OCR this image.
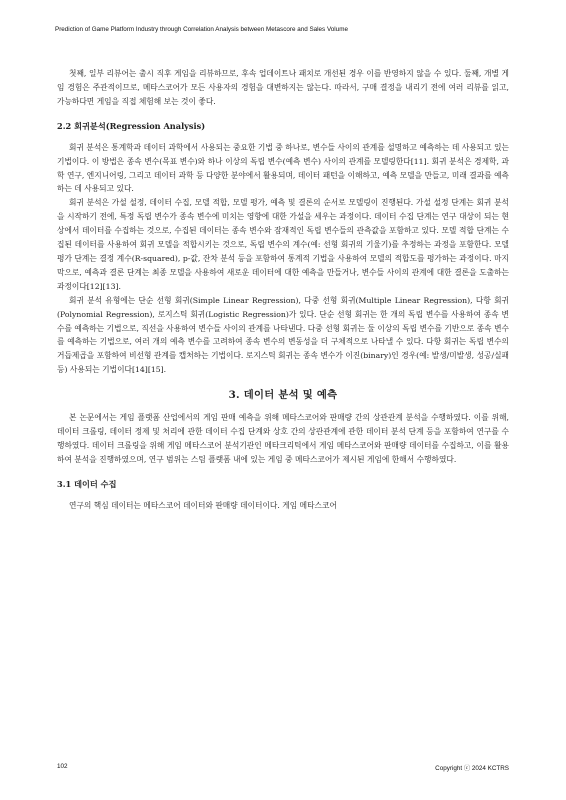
Prediction of Game Platform Industry through Correlation Analysis between Metascore and Sales Volume

첫째, 일부 리뷰어는 출시 직후 게임을 리뷰하므로, 후속 업데이트나 패치로 개선된 경우 이를 반영하지 않을 수 있다. 둘째, 개별 게임 경험은 주관적이므로, 메타스코어가 모든 사용자의 경험을 대변하지는 않는다. 따라서, 구매 결정을 내리기 전에 여러 리뷰를 읽고, 가능하다면 게임을 직접 체험해 보는 것이 좋다.

2.2 회귀분석(Regression Analysis)

회귀 분석은 통계학과 데이터 과학에서 사용되는 중요한 기법 중 하나로, 변수들 사이의 관계를 설명하고 예측하는 데 사용되고 있는 기법이다. 이 방법은 종속 변수(목표 변수)와 하나 이상의 독립 변수(예측 변수) 사이의 관계를 모델링한다[11]. 회귀 분석은 경제학, 과학 연구, 엔지니어링, 그리고 데이터 과학 등 다양한 분야에서 활용되며, 데이터 패턴을 이해하고, 예측 모델을 만들고, 미래 결과를 예측하는 데 사용되고 있다.

회귀 분석은 가설 설정, 데이터 수집, 모델 적합, 모델 평가, 예측 및 결론의 순서로 모델링이 진행된다. 가설 설정 단계는 회귀 분석을 시작하기 전에, 특정 독립 변수가 종속 변수에 미치는 영향에 대한 가설을 세우는 과정이다. 데이터 수집 단계는 연구 대상이 되는 현상에서 데이터를 수집하는 것으로, 수집된 데이터는 종속 변수와 잠재적인 독립 변수들의 관측값을 포함하고 있다. 모델 적합 단계는 수집된 데이터를 사용하여 회귀 모델을 적합시키는 것으로, 독립 변수의 계수(예: 선형 회귀의 기울기)를 추정하는 과정을 포함한다. 모델 평가 단계는 결정 계수(R-squared), p-값, 잔차 분석 등을 포함하여 통계적 기법을 사용하여 모델의 적합도를 평가하는 과정이다. 마지막으로, 예측과 결론 단계는 최종 모델을 사용하여 새로운 데이터에 대한 예측을 만들거나, 변수들 사이의 관계에 대한 결론을 도출하는 과정이다[12][13].

회귀 분석 유형에는 단순 선형 회귀(Simple Linear Regression), 다중 선형 회귀(Multiple Linear Regression), 다항 회귀(Polynomial Regression), 로지스틱 회귀(Logistic Regression)가 있다. 단순 선형 회귀는 한 개의 독립 변수를 사용하여 종속 변수를 예측하는 기법으로, 직선을 사용하여 변수들 사이의 관계를 나타낸다. 다중 선형 회귀는 둘 이상의 독립 변수를 기반으로 종속 변수를 예측하는 기법으로, 여러 개의 예측 변수를 고려하여 종속 변수의 변동성을 더 구체적으로 나타낼 수 있다. 다항 회귀는 독립 변수의 거듭제곱을 포함하여 비선형 관계를 캡처하는 기법이다. 로지스틱 회귀는 종속 변수가 이진(binary)인 경우(예: 발생/미발생, 성공/실패 등) 사용되는 기법이다[14][15].

3. 데이터 분석 및 예측

본 논문에서는 게임 플랫폼 산업에서의 게임 판매 예측을 위해 메타스코어와 판매량 간의 상관관계 분석을 수행하였다. 이를 위해, 데이터 크롤링, 데이터 정제 및 처리에 관한 데이터 수집 단계와 상호 간의 상관관계에 관한 데이터 분석 단계 등을 포함하여 연구를 수행하였다. 데이터 크롤링을 위해 게임 메타스코어 분석기관인 메타크리틱에서 게임 메타스코어와 판매량 데이터를 수집하고, 이를 활용하여 분석을 진행하였으며, 연구 범위는 스팀 플랫폼 내에 있는 게임 중 메타스코어가 제시된 게임에 한해서 수행하였다.

3.1 데이터 수집

연구의 핵심 데이터는 메타스코어 데이터와 판매량 데이터이다. 게임 메타스코어

102	Copyright ⓒ 2024 KCTRS
